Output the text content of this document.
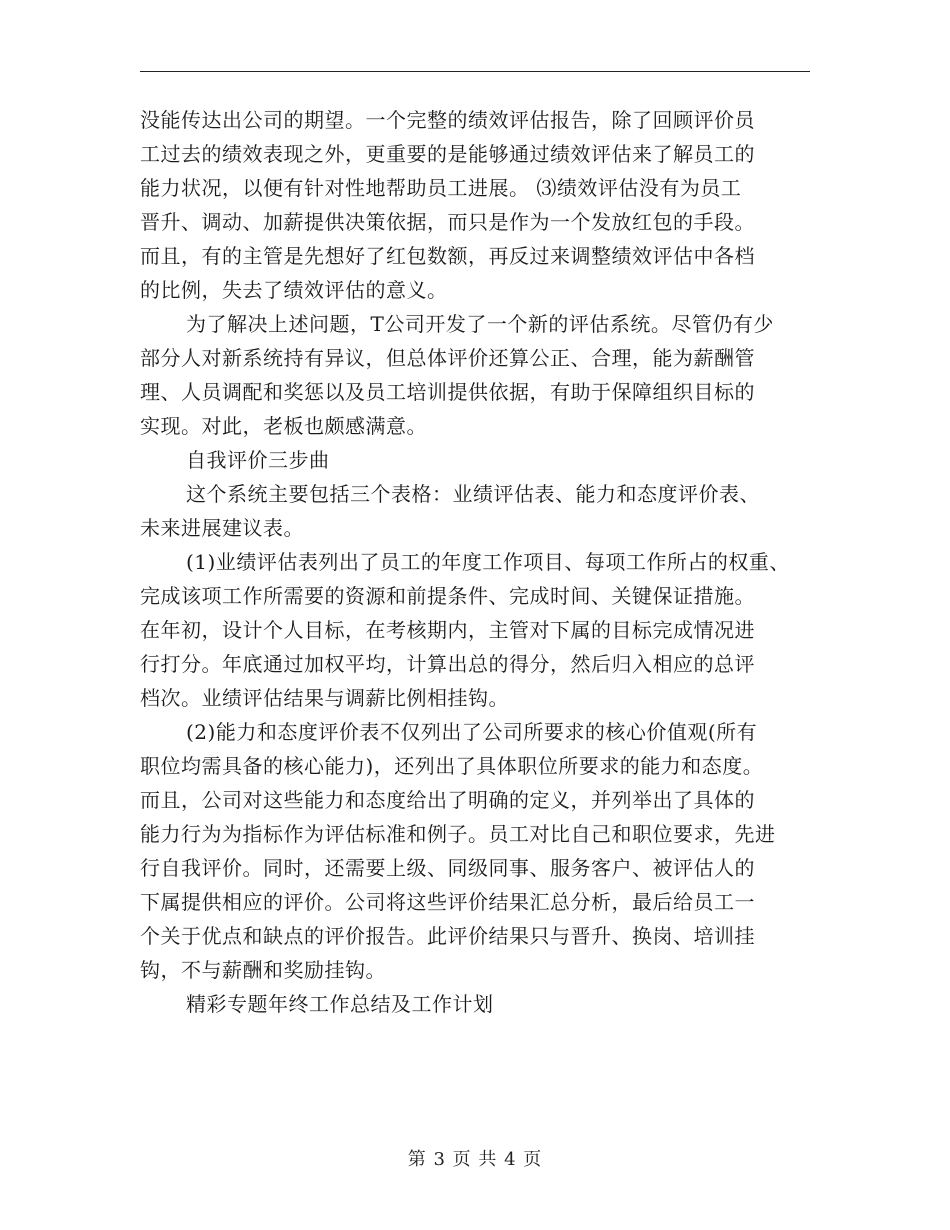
没能传达出公司的期望。一个完整的绩效评估报告，除了回顾评价员
工过去的绩效表现之外，更重要的是能够通过绩效评估来了解员工的
能力状况，以便有针对性地帮助员工进展。 ⑶绩效评估没有为员工
晋升、调动、加薪提供决策依据，而只是作为一个发放红包的手段。
而且，有的主管是先想好了红包数额，再反过来调整绩效评估中各档
的比例，失去了绩效评估的意义。
为了解决上述问题，T公司开发了一个新的评估系统。尽管仍有少
部分人对新系统持有异议，但总体评价还算公正、合理，能为薪酬管
理、人员调配和奖惩以及员工培训提供依据，有助于保障组织目标的
实现。对此，老板也颇感满意。
自我评价三步曲
这个系统主要包括三个表格：业绩评估表、能力和态度评价表、
未来进展建议表。
(1)业绩评估表列出了员工的年度工作项目、每项工作所占的权重、
完成该项工作所需要的资源和前提条件、完成时间、关键保证措施。
在年初，设计个人目标，在考核期内，主管对下属的目标完成情况进
行打分。年底通过加权平均，计算出总的得分，然后归入相应的总评
档次。业绩评估结果与调薪比例相挂钩。
(2)能力和态度评价表不仅列出了公司所要求的核心价值观(所有
职位均需具备的核心能力)，还列出了具体职位所要求的能力和态度。
而且，公司对这些能力和态度给出了明确的定义，并列举出了具体的
能力行为为指标作为评估标准和例子。员工对比自己和职位要求，先进
行自我评价。同时，还需要上级、同级同事、服务客户、被评估人的
下属提供相应的评价。公司将这些评价结果汇总分析，最后给员工一
个关于优点和缺点的评价报告。此评价结果只与晋升、换岗、培训挂
钩，不与薪酬和奖励挂钩。
精彩专题年终工作总结及工作计划
第 3 页 共 4 页
